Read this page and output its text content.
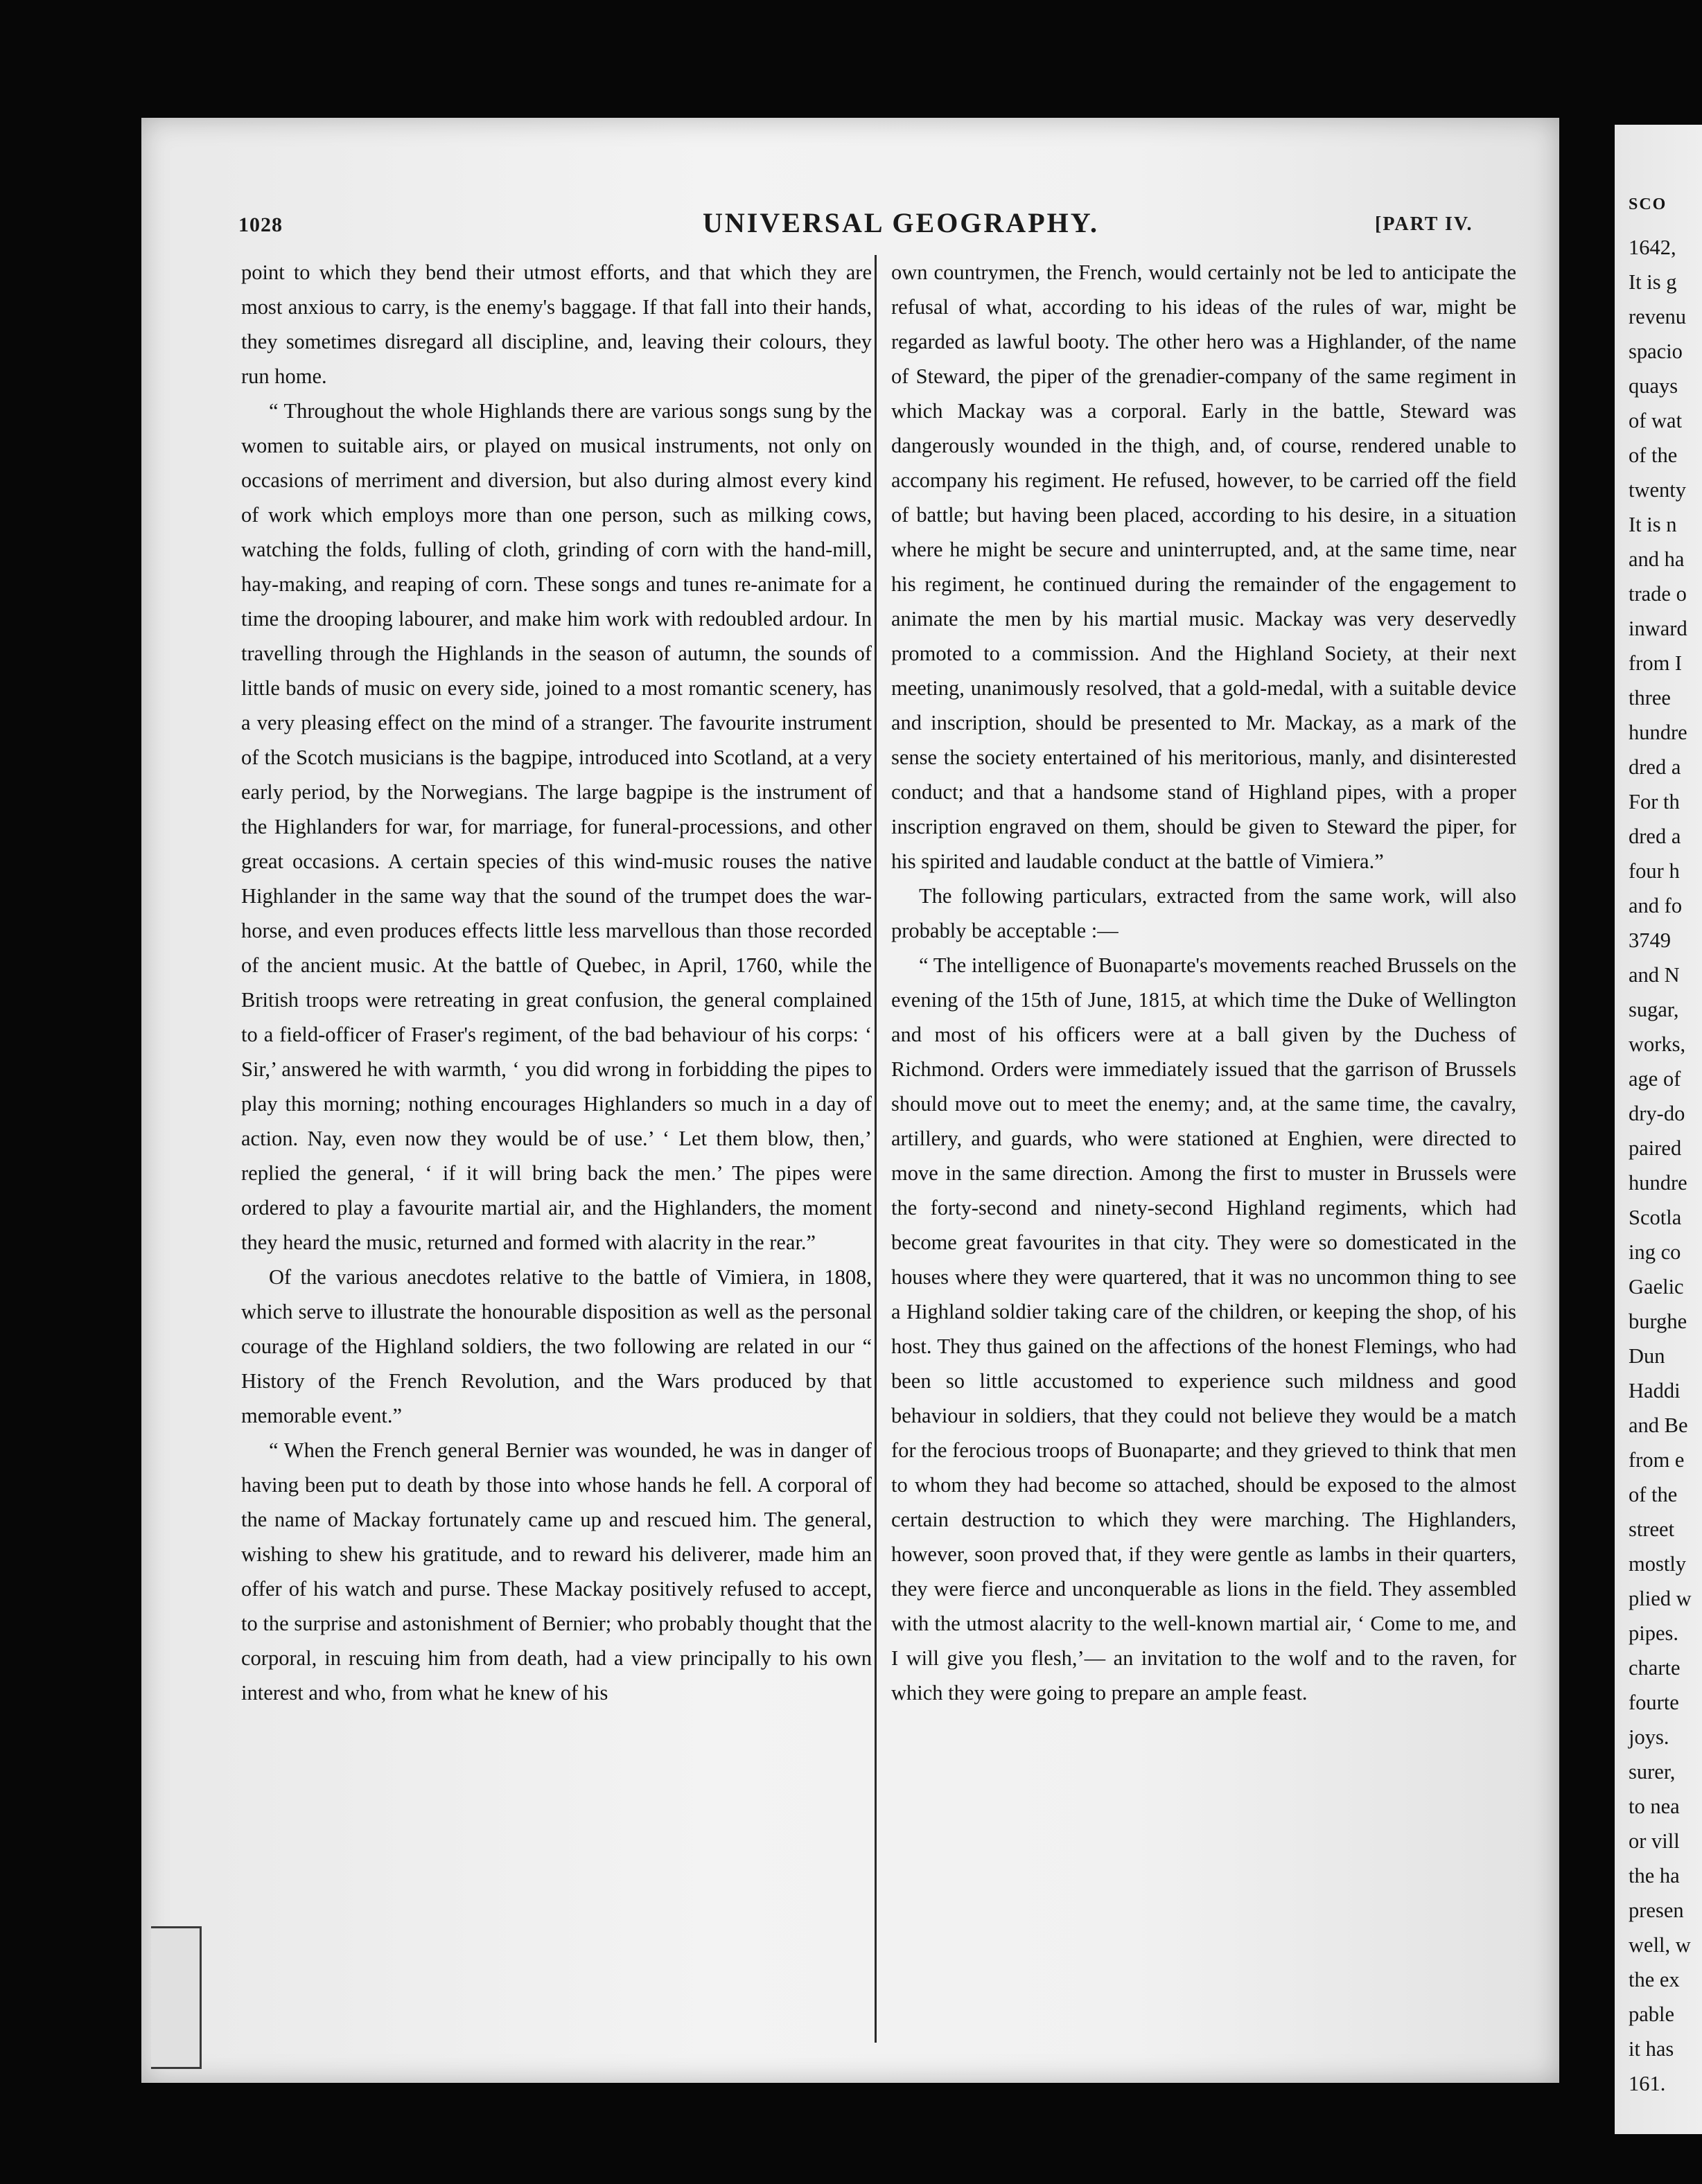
1028	UNIVERSAL GEOGRAPHY.	[PART IV.

point to which they bend their utmost efforts, and that which they are most anxious to carry, is the enemy's baggage. If that fall into their hands, they sometimes disregard all discipline, and, leaving their colours, they run home.

“ Throughout the whole Highlands there are various songs sung by the women to suitable airs, or played on musical instruments, not only on occasions of merriment and diversion, but also during almost every kind of work which employs more than one person, such as milking cows, watching the folds, fulling of cloth, grinding of corn with the hand-mill, hay-making, and reaping of corn. These songs and tunes re-animate for a time the drooping labourer, and make him work with redoubled ardour. In travelling through the Highlands in the season of autumn, the sounds of little bands of music on every side, joined to a most romantic scenery, has a very pleasing effect on the mind of a stranger. The favourite instrument of the Scotch musicians is the bagpipe, introduced into Scotland, at a very early period, by the Norwegians. The large bagpipe is the instrument of the Highlanders for war, for marriage, for funeral-processions, and other great occasions. A certain species of this wind-music rouses the native Highlander in the same way that the sound of the trumpet does the war-horse, and even produces effects little less marvellous than those recorded of the ancient music. At the battle of Quebec, in April, 1760, while the British troops were retreating in great confusion, the general complained to a field-officer of Fraser's regiment, of the bad behaviour of his corps: ‘ Sir,’ answered he with warmth, ‘ you did wrong in forbidding the pipes to play this morning; nothing encourages Highlanders so much in a day of action. Nay, even now they would be of use.’ ‘ Let them blow, then,’ replied the general, ‘ if it will bring back the men.’ The pipes were ordered to play a favourite martial air, and the Highlanders, the moment they heard the music, returned and formed with alacrity in the rear.”

Of the various anecdotes relative to the battle of Vimiera, in 1808, which serve to illustrate the honourable disposition as well as the personal courage of the Highland soldiers, the two following are related in our “ History of the French Revolution, and the Wars produced by that memorable event.”

“ When the French general Bernier was wounded, he was in danger of having been put to death by those into whose hands he fell. A corporal of the name of Mackay fortunately came up and rescued him. The general, wishing to shew his gratitude, and to reward his deliverer, made him an offer of his watch and purse. These Mackay positively refused to accept, to the surprise and astonishment of Bernier; who probably thought that the corporal, in rescuing him from death, had a view principally to his own interest and who, from what he knew of his

own countrymen, the French, would certainly not be led to anticipate the refusal of what, according to his ideas of the rules of war, might be regarded as lawful booty. The other hero was a Highlander, of the name of Steward, the piper of the grenadier-company of the same regiment in which Mackay was a corporal. Early in the battle, Steward was dangerously wounded in the thigh, and, of course, rendered unable to accompany his regiment. He refused, however, to be carried off the field of battle; but having been placed, according to his desire, in a situation where he might be secure and uninterrupted, and, at the same time, near his regiment, he continued during the remainder of the engagement to animate the men by his martial music. Mackay was very deservedly promoted to a commission. And the Highland Society, at their next meeting, unanimously resolved, that a gold-medal, with a suitable device and inscription, should be presented to Mr. Mackay, as a mark of the sense the society entertained of his meritorious, manly, and disinterested conduct; and that a handsome stand of Highland pipes, with a proper inscription engraved on them, should be given to Steward the piper, for his spirited and laudable conduct at the battle of Vimiera.”

The following particulars, extracted from the same work, will also probably be acceptable :—

“ The intelligence of Buonaparte's movements reached Brussels on the evening of the 15th of June, 1815, at which time the Duke of Wellington and most of his officers were at a ball given by the Duchess of Richmond. Orders were immediately issued that the garrison of Brussels should move out to meet the enemy; and, at the same time, the cavalry, artillery, and guards, who were stationed at Enghien, were directed to move in the same direction. Among the first to muster in Brussels were the forty-second and ninety-second Highland regiments, which had become great favourites in that city. They were so domesticated in the houses where they were quartered, that it was no uncommon thing to see a Highland soldier taking care of the children, or keeping the shop, of his host. They thus gained on the affections of the honest Flemings, who had been so little accustomed to experience such mildness and good behaviour in soldiers, that they could not believe they would be a match for the ferocious troops of Buonaparte; and they grieved to think that men to whom they had become so attached, should be exposed to the almost certain destruction to which they were marching. The Highlanders, however, soon proved that, if they were gentle as lambs in their quarters, they were fierce and unconquerable as lions in the field. They assembled with the utmost alacrity to the well-known martial air, ‘ Come to me, and I will give you flesh,’— an invitation to the wolf and to the raven, for which they were going to prepare an ample feast.

SCO
1642,
It is g
revenu
spacio
quays
of wat
of the
twenty
It is n
and ha
trade o
inward
from I
three
hundre
dred a
For th
dred a
four h
and fo
3749
and N
sugar,
works,
age of
dry-do
paired
hundre
Scotla
ing co
Gaelic
burghe
Dun
Haddi
and Be
from e
of the
street
mostly
plied w
pipes.
charte
fourte
joys.
surer,
to nea
or vill
the ha
presen
well, w
the ex
pable
it has
161.
